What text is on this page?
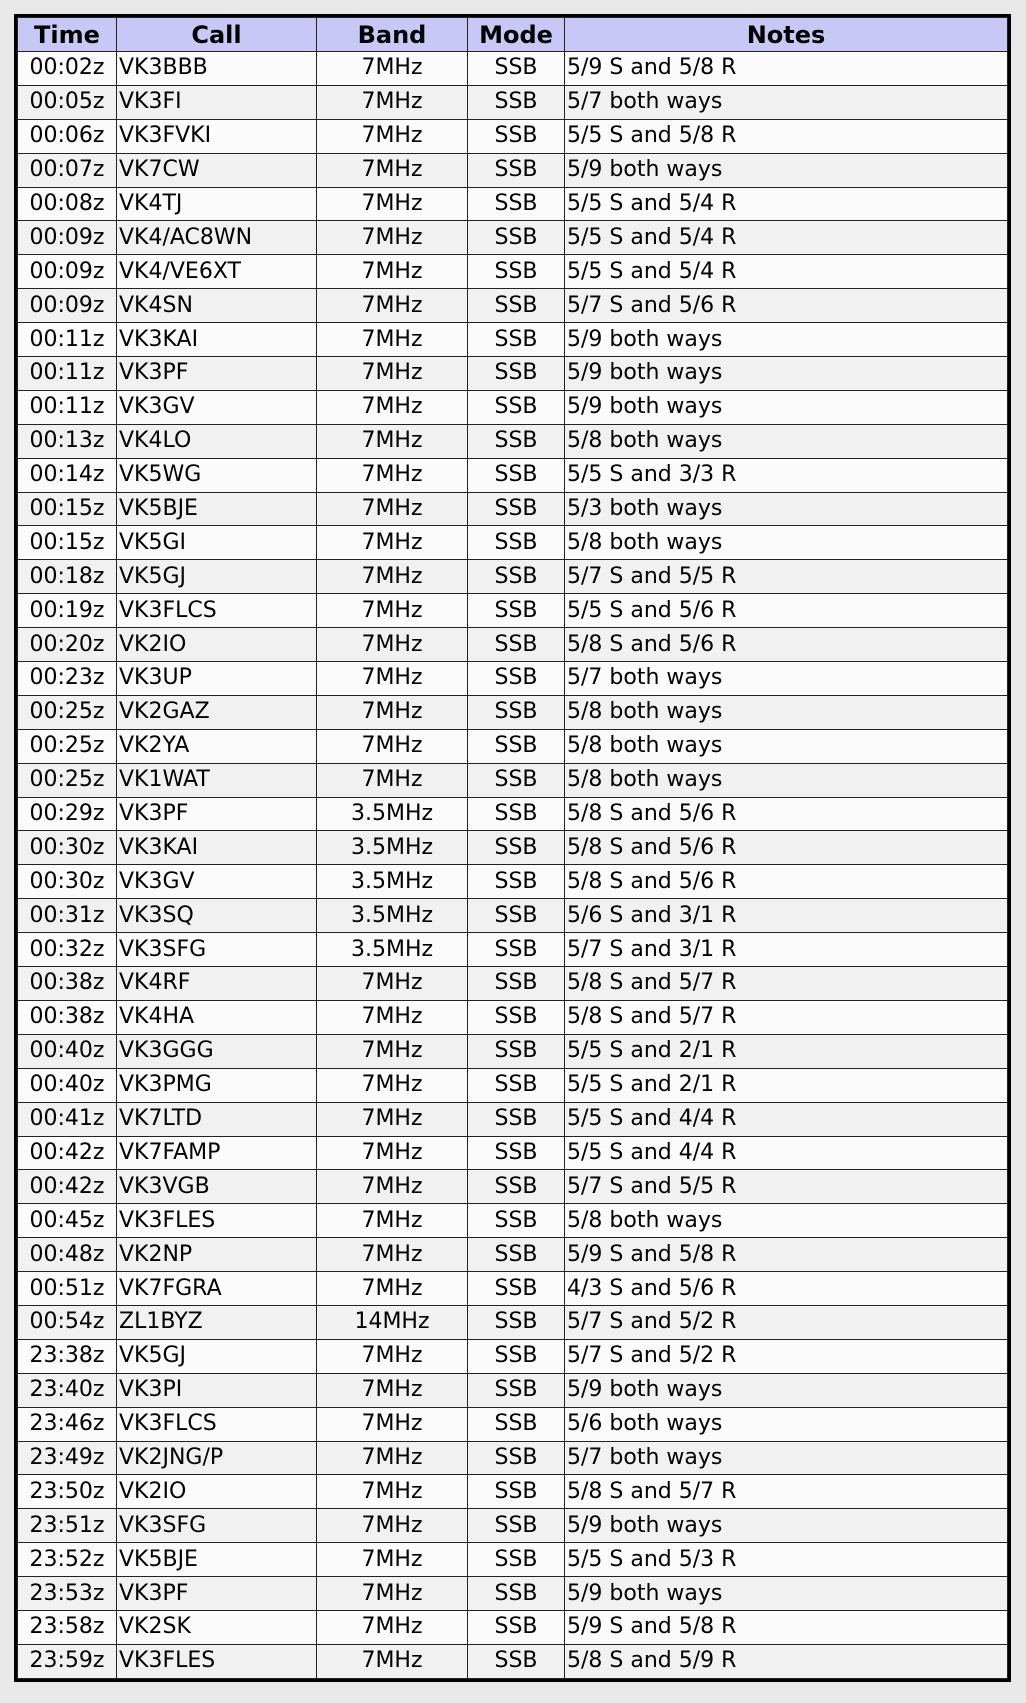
Time	Call	Band	Mode	Notes
00:02z	VK3BBB	7MHz	SSB	5/9 S and 5/8 R
00:05z	VK3FI	7MHz	SSB	5/7 both ways
00:06z	VK3FVKI	7MHz	SSB	5/5 S and 5/8 R
00:07z	VK7CW	7MHz	SSB	5/9 both ways
00:08z	VK4TJ	7MHz	SSB	5/5 S and 5/4 R
00:09z	VK4/AC8WN	7MHz	SSB	5/5 S and 5/4 R
00:09z	VK4/VE6XT	7MHz	SSB	5/5 S and 5/4 R
00:09z	VK4SN	7MHz	SSB	5/7 S and 5/6 R
00:11z	VK3KAI	7MHz	SSB	5/9 both ways
00:11z	VK3PF	7MHz	SSB	5/9 both ways
00:11z	VK3GV	7MHz	SSB	5/9 both ways
00:13z	VK4LO	7MHz	SSB	5/8 both ways
00:14z	VK5WG	7MHz	SSB	5/5 S and 3/3 R
00:15z	VK5BJE	7MHz	SSB	5/3 both ways
00:15z	VK5GI	7MHz	SSB	5/8 both ways
00:18z	VK5GJ	7MHz	SSB	5/7 S and 5/5 R
00:19z	VK3FLCS	7MHz	SSB	5/5 S and 5/6 R
00:20z	VK2IO	7MHz	SSB	5/8 S and 5/6 R
00:23z	VK3UP	7MHz	SSB	5/7 both ways
00:25z	VK2GAZ	7MHz	SSB	5/8 both ways
00:25z	VK2YA	7MHz	SSB	5/8 both ways
00:25z	VK1WAT	7MHz	SSB	5/8 both ways
00:29z	VK3PF	3.5MHz	SSB	5/8 S and 5/6 R
00:30z	VK3KAI	3.5MHz	SSB	5/8 S and 5/6 R
00:30z	VK3GV	3.5MHz	SSB	5/8 S and 5/6 R
00:31z	VK3SQ	3.5MHz	SSB	5/6 S and 3/1 R
00:32z	VK3SFG	3.5MHz	SSB	5/7 S and 3/1 R
00:38z	VK4RF	7MHz	SSB	5/8 S and 5/7 R
00:38z	VK4HA	7MHz	SSB	5/8 S and 5/7 R
00:40z	VK3GGG	7MHz	SSB	5/5 S and 2/1 R
00:40z	VK3PMG	7MHz	SSB	5/5 S and 2/1 R
00:41z	VK7LTD	7MHz	SSB	5/5 S and 4/4 R
00:42z	VK7FAMP	7MHz	SSB	5/5 S and 4/4 R
00:42z	VK3VGB	7MHz	SSB	5/7 S and 5/5 R
00:45z	VK3FLES	7MHz	SSB	5/8 both ways
00:48z	VK2NP	7MHz	SSB	5/9 S and 5/8 R
00:51z	VK7FGRA	7MHz	SSB	4/3 S and 5/6 R
00:54z	ZL1BYZ	14MHz	SSB	5/7 S and 5/2 R
23:38z	VK5GJ	7MHz	SSB	5/7 S and 5/2 R
23:40z	VK3PI	7MHz	SSB	5/9 both ways
23:46z	VK3FLCS	7MHz	SSB	5/6 both ways
23:49z	VK2JNG/P	7MHz	SSB	5/7 both ways
23:50z	VK2IO	7MHz	SSB	5/8 S and 5/7 R
23:51z	VK3SFG	7MHz	SSB	5/9 both ways
23:52z	VK5BJE	7MHz	SSB	5/5 S and 5/3 R
23:53z	VK3PF	7MHz	SSB	5/9 both ways
23:58z	VK2SK	7MHz	SSB	5/9 S and 5/8 R
23:59z	VK3FLES	7MHz	SSB	5/8 S and 5/9 R
